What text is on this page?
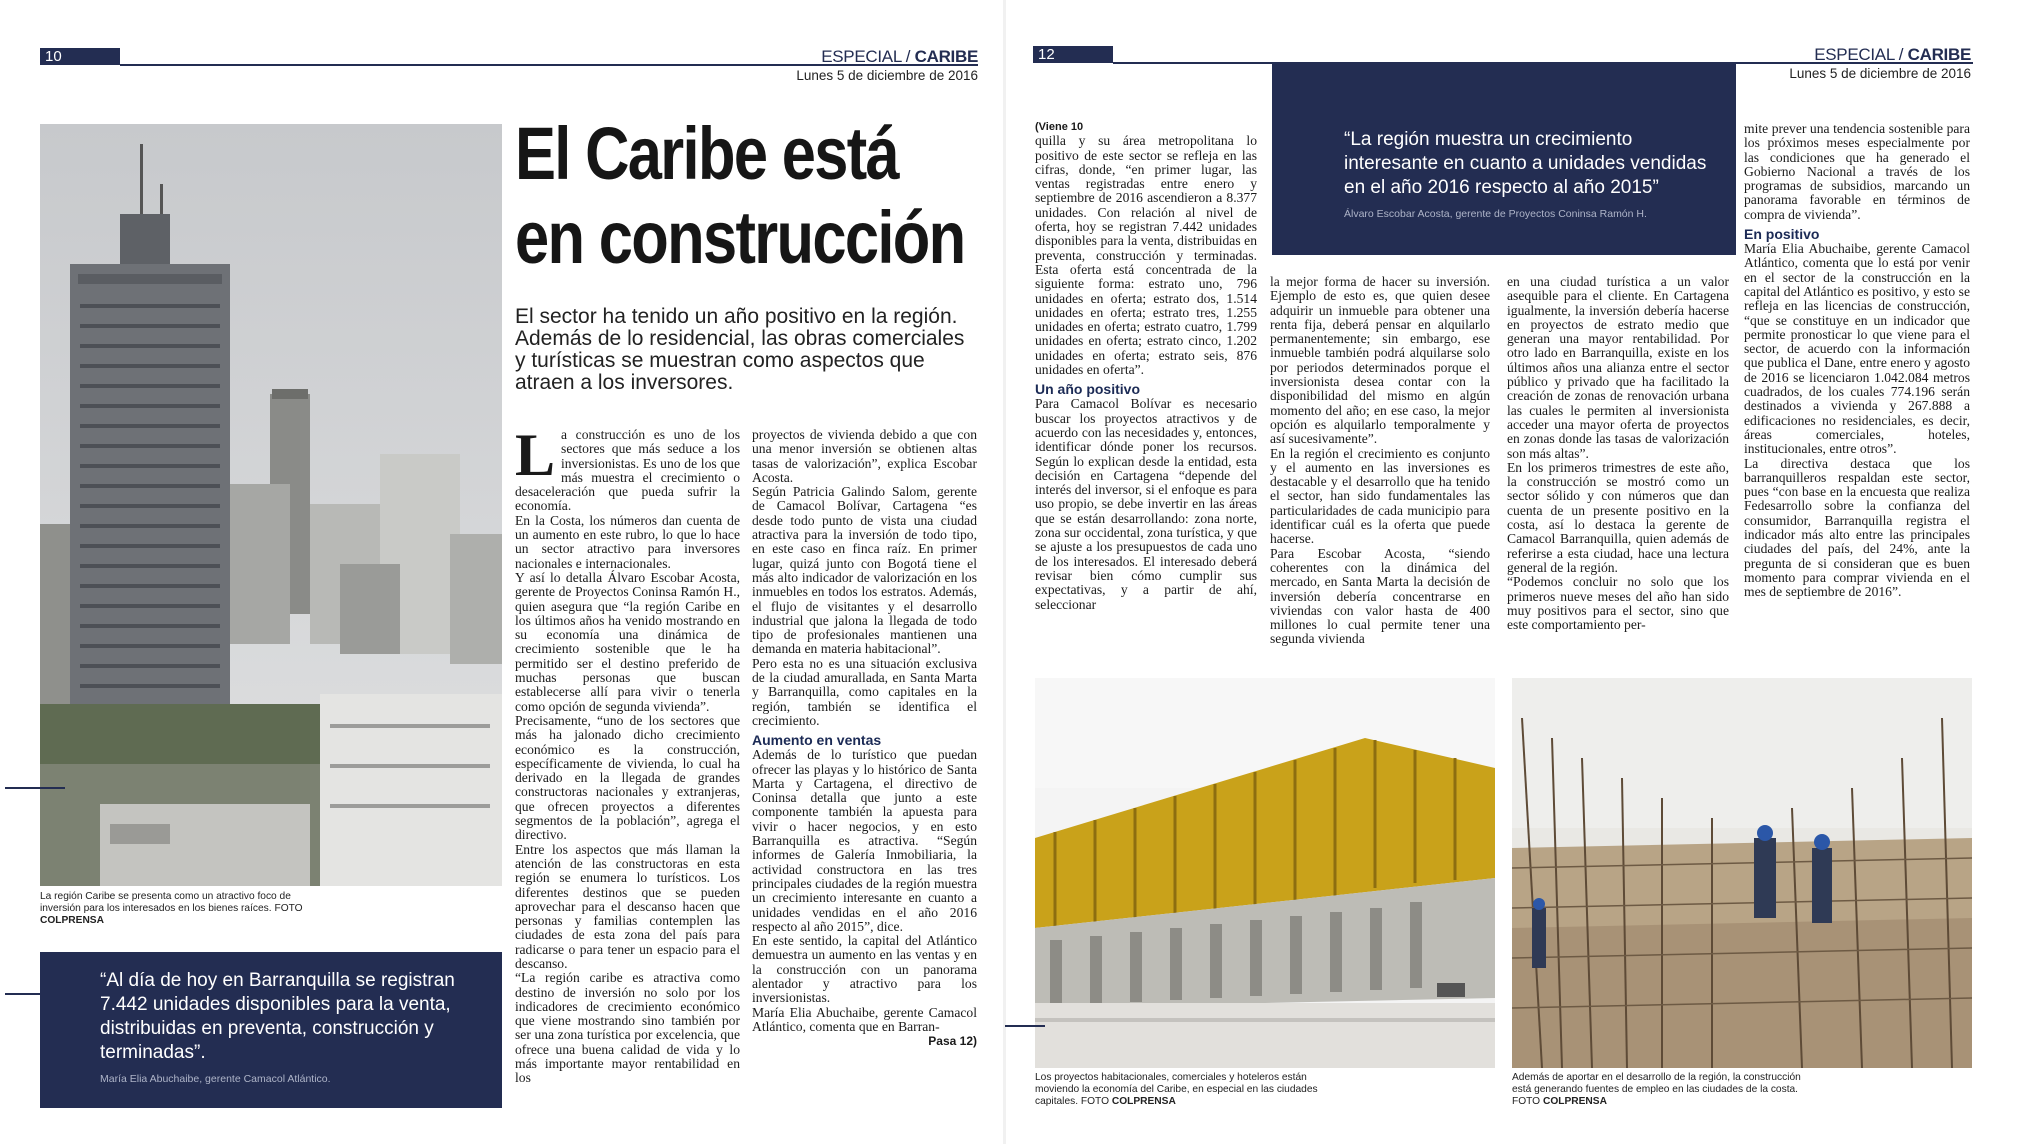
10	ESPECIAL / CARIBE
Lunes 5 de diciembre de 2016
La región Caribe se presenta como un atractivo foco de inversión para los interesados en los bienes raíces. FOTO COLPRENSA
“Al día de hoy en Barranquilla se registran 7.442 unidades disponibles para la venta, distribuidas en preventa, construcción y terminadas”.
María Elia Abuchaibe, gerente Camacol Atlántico.
El Caribe está
en construcción
El sector ha tenido un año positivo en la región. Además de lo residencial, las obras comerciales y turísticas se muestran como aspectos que atraen a los inversores.
L a construcción es uno de los sectores que más seduce a los inversionistas. Es uno de los que más muestra el crecimiento o desaceleración que pueda sufrir la economía.

En la Costa, los números dan cuenta de un aumento en este rubro, lo que lo hace un sector atractivo para inversores nacionales e internacionales.

Y así lo detalla Álvaro Escobar Acosta, gerente de Proyectos Coninsa Ramón H., quien asegura que “la región Caribe en los últimos años ha venido mostrando en su economía una dinámica de crecimiento sostenible que le ha permitido ser el destino preferido de muchas personas que buscan establecerse allí para vivir o tenerla como opción de segunda vivienda”.

Precisamente, “uno de los sectores que más ha jalonado dicho crecimiento económico es la construcción, específicamente de vivienda, lo cual ha derivado en la llegada de grandes constructoras nacionales y extranjeras, que ofrecen proyectos a diferentes segmentos de la población”, agrega el directivo.

Entre los aspectos que más llaman la atención de las constructoras en esta región se enumera lo turísticos. Los diferentes destinos que se pueden aprovechar para el descanso hacen que personas y familias contemplen las ciudades de esta zona del país para radicarse o para tener un espacio para el descanso.

“La región caribe es atractiva como destino de inversión no solo por los indicadores de crecimiento económico que viene mostrando sino también por ser una zona turística por excelencia, que ofrece una buena calidad de vida y lo más importante mayor rentabilidad en los

proyectos de vivienda debido a que con una menor inversión se obtienen altas tasas de valorización”, explica Escobar Acosta.

Según Patricia Galindo Salom, gerente de Camacol Bolívar, Cartagena “es desde todo punto de vista una ciudad atractiva para la inversión de todo tipo, en este caso en finca raíz. En primer lugar, quizá junto con Bogotá tiene el más alto indicador de valorización en los inmuebles en todos los estratos. Además, el flujo de visitantes y el desarrollo industrial que jalona la llegada de todo tipo de profesionales mantienen una demanda en materia habitacional”.

Pero esta no es una situación exclusiva de la ciudad amurallada, en Santa Marta y Barranquilla, como capitales en la región, también se identifica el crecimiento.

Aumento en ventas

Además de lo turístico que puedan ofrecer las playas y lo histórico de Santa Marta y Cartagena, el directivo de Coninsa detalla que junto a este componente también la apuesta para vivir o hacer negocios, y en esto Barranquilla es atractiva. “Según informes de Galería Inmobiliaria, la actividad constructora en las tres principales ciudades de la región muestra un crecimiento interesante en cuanto a unidades vendidas en el año 2016 respecto al año 2015”, dice.

En este sentido, la capital del Atlántico demuestra un aumento en las ventas y en la construcción con un panorama alentador y atractivo para los inversionistas.

María Elia Abuchaibe, gerente Camacol Atlántico, comenta que en Barran-

Pasa 12)
12	ESPECIAL / CARIBE
Lunes 5 de diciembre de 2016
“La región muestra un crecimiento interesante en cuanto a unidades vendidas en el año 2016 respecto al año 2015”
Álvaro Escobar Acosta, gerente de Proyectos Coninsa Ramón H.
(Viene 10

quilla y su área metropolitana lo positivo de este sector se refleja en las cifras, donde, “en primer lugar, las ventas registradas entre enero y septiembre de 2016 ascendieron a 8.377 unidades. Con relación al nivel de oferta, hoy se registran 7.442 unidades disponibles para la venta, distribuidas en preventa, construcción y terminadas. Esta oferta está concentrada de la siguiente forma: estrato uno, 796 unidades en oferta; estrato dos, 1.514 unidades en oferta; estrato tres, 1.255 unidades en oferta; estrato cuatro, 1.799 unidades en oferta; estrato cinco, 1.202 unidades en oferta; estrato seis, 876 unidades en oferta”.

Un año positivo

Para Camacol Bolívar es necesario buscar los proyectos atractivos y de acuerdo con las necesidades y, entonces, identificar dónde poner los recursos. Según lo explican desde la entidad, esta decisión en Cartagena “depende del interés del inversor, si el enfoque es para uso propio, se debe invertir en las áreas que se están desarrollando: zona norte, zona sur occidental, zona turística, y que se ajuste a los presupuestos de cada uno de los interesados. El interesado deberá revisar bien cómo cumplir sus expectativas, y a partir de ahí, seleccionar

la mejor forma de hacer su inversión. Ejemplo de esto es, que quien desee adquirir un inmueble para obtener una renta fija, deberá pensar en alquilarlo permanentemente; sin embargo, ese inmueble también podrá alquilarse solo por periodos determinados porque el inversionista desea contar con la disponibilidad del mismo en algún momento del año; en ese caso, la mejor opción es alquilarlo temporalmente y así sucesivamente”.

En la región el crecimiento es conjunto y el aumento en las inversiones es destacable y el desarrollo que ha tenido el sector, han sido fundamentales las particularidades de cada municipio para identificar cuál es la oferta que puede hacerse.

Para Escobar Acosta, “siendo coherentes con la dinámica del mercado, en Santa Marta la decisión de inversión debería concentrarse en viviendas con valor hasta de 400 millones lo cual permite tener una segunda vivienda

en una ciudad turística a un valor asequible para el cliente. En Cartagena igualmente, la inversión debería hacerse en proyectos de estrato medio que generan una mayor rentabilidad. Por otro lado en Barranquilla, existe en los últimos años una alianza entre el sector público y privado que ha facilitado la creación de zonas de renovación urbana las cuales le permiten al inversionista acceder una mayor oferta de proyectos en zonas donde las tasas de valorización son más altas”.

En los primeros trimestres de este año, la construcción se mostró como un sector sólido y con números que dan cuenta de un presente positivo en la costa, así lo destaca la gerente de Camacol Barranquilla, quien además de referirse a esta ciudad, hace una lectura general de la región.

“Podemos concluir no solo que los primeros nueve meses del año han sido muy positivos para el sector, sino que este comportamiento per-

mite prever una tendencia sostenible para los próximos meses especialmente por las condiciones que ha generado el Gobierno Nacional a través de los programas de subsidios, marcando un panorama favorable en términos de compra de vivienda”.

En positivo

María Elia Abuchaibe, gerente Camacol Atlántico, comenta que lo está por venir en el sector de la construcción en la capital del Atlántico es positivo, y esto se refleja en las licencias de construcción, “que se constituye en un indicador que permite pronosticar lo que viene para el sector, de acuerdo con la información que publica el Dane, entre enero y agosto de 2016 se licenciaron 1.042.084 metros cuadrados, de los cuales 774.196 serán destinados a vivienda y 267.888 a edificaciones no residenciales, es decir, áreas comerciales, hoteles, institucionales, entre otros”.

La directiva destaca que los barranquilleros respaldan este sector, pues “con base en la encuesta que realiza Fedesarrollo sobre la confianza del consumidor, Barranquilla registra el indicador más alto entre las principales ciudades del país, del 24%, ante la pregunta de si consideran que es buen momento para comprar vivienda en el mes de septiembre de 2016”.

Los proyectos habitacionales, comerciales y hoteleros están moviendo la economía del Caribe, en especial en las ciudades capitales. FOTO COLPRENSA
Además de aportar en el desarrollo de la región, la construcción está generando fuentes de empleo en las ciudades de la costa. FOTO COLPRENSA
